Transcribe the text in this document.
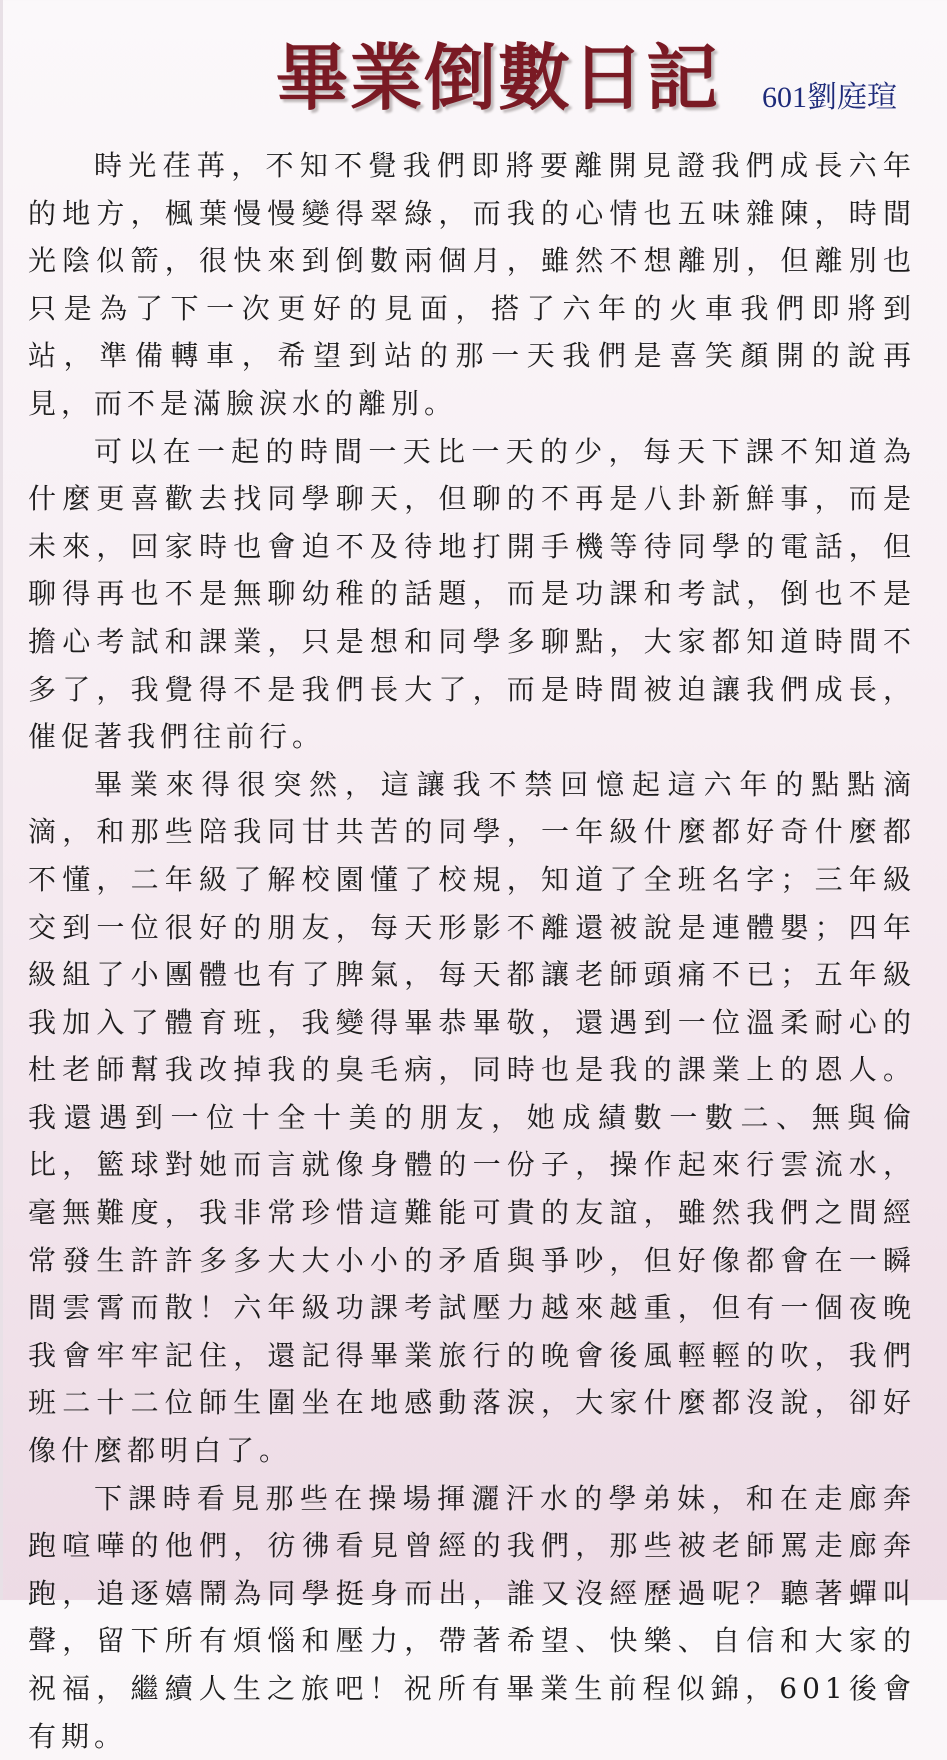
畢業倒數日記 601劉庭瑄

時光荏苒，不知不覺我們即將要離開見證我們成長六年的地方，楓葉慢慢變得翠綠，而我的心情也五味雜陳，時間光陰似箭，很快來到倒數兩個月，雖然不想離別，但離別也只是為了下一次更好的見面，搭了六年的火車我們即將到站，準備轉車，希望到站的那一天我們是喜笑顏開的說再見，而不是滿臉淚水的離別。

可以在一起的時間一天比一天的少，每天下課不知道為什麼更喜歡去找同學聊天，但聊的不再是八卦新鮮事，而是未來，回家時也會迫不及待地打開手機等待同學的電話，但聊得再也不是無聊幼稚的話題，而是功課和考試，倒也不是擔心考試和課業，只是想和同學多聊點，大家都知道時間不多了，我覺得不是我們長大了，而是時間被迫讓我們成長，催促著我們往前行。

畢業來得很突然，這讓我不禁回憶起這六年的點點滴滴，和那些陪我同甘共苦的同學，一年級什麼都好奇什麼都不懂，二年級了解校園懂了校規，知道了全班名字；三年級交到一位很好的朋友，每天形影不離還被說是連體嬰；四年級組了小團體也有了脾氣，每天都讓老師頭痛不已；五年級我加入了體育班，我變得畢恭畢敬，還遇到一位溫柔耐心的杜老師幫我改掉我的臭毛病，同時也是我的課業上的恩人。我還遇到一位十全十美的朋友，她成績數一數二、無與倫比，籃球對她而言就像身體的一份子，操作起來行雲流水，毫無難度，我非常珍惜這難能可貴的友誼，雖然我們之間經常發生許許多多大大小小的矛盾與爭吵，但好像都會在一瞬間雲霄而散！六年級功課考試壓力越來越重，但有一個夜晚我會牢牢記住，還記得畢業旅行的晚會後風輕輕的吹，我們班二十二位師生圍坐在地感動落淚，大家什麼都沒說，卻好像什麼都明白了。

下課時看見那些在操場揮灑汗水的學弟妹，和在走廊奔跑喧嘩的他們，彷彿看見曾經的我們，那些被老師罵走廊奔跑，追逐嬉鬧為同學挺身而出，誰又沒經歷過呢？聽著蟬叫聲，留下所有煩惱和壓力，帶著希望、快樂、自信和大家的祝福，繼續人生之旅吧！祝所有畢業生前程似錦，601後會有期。
